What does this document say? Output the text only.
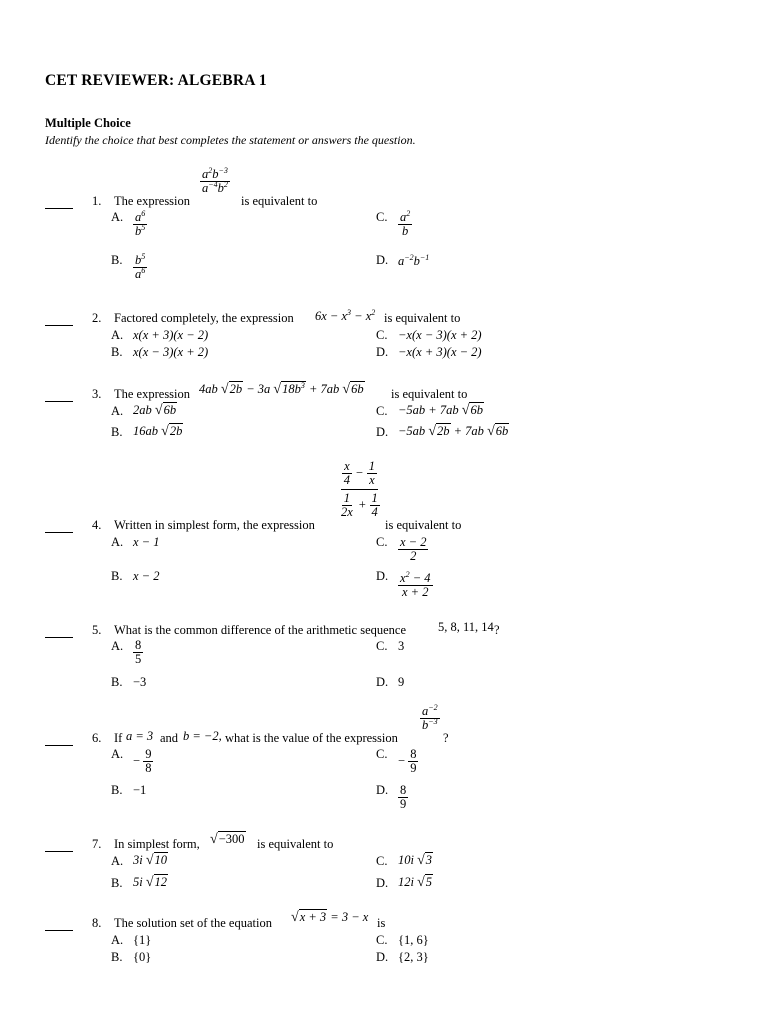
CET REVIEWER: ALGEBRA 1
Multiple Choice
Identify the choice that best completes the statement or answers the question.
1. The expression
$\frac{a^2b^{-3}}{a^{-4}b^2}$
is equivalent to
A. $\frac{a^6}{b^5}$	C. $\frac{a^2}{b}$
B. $\frac{b^5}{a^6}$	D. $a^{-2}b^{-1}$
2. Factored completely, the expression $6x - x^3 - x^2$ is equivalent to
A. x(x + 3)(x − 2)	C. −x(x − 3)(x + 2)
B. x(x − 3)(x + 2)	D. −x(x + 3)(x − 2)
3. The expression 4ab √2b − 3a $√18b^3 + 7ab$ √6b is equivalent to
A. 2ab √6b	C. −5ab + 7ab √6b
B. 16ab √2b	D. −5ab √2b + 7ab √6b
4. Written in simplest form, the expression
$\frac{\frac{x}{4} - \frac{1}{x}}{\frac{1}{2x} + \frac{1}{4}}$
is equivalent to
A. x − 1	C. $\frac{x - 2}{2}$
B. x − 2	D. $\frac{x^2 - 4}{x + 2}$
5. What is the common difference of the arithmetic sequence	5, 8, 11, 14 ?
A. $\frac{8}{5}$	C. 3
B. −3	D. 9
6. If a = 3 and b = −2, what is the value of the expression
$\frac{a^{-2}}{b^{-3}}$
?
A. − $\frac{9}{8}$	C. − $\frac{8}{9}$
B. −1	D. $\frac{8}{9}$
7. In simplest form, √−300 is equivalent to
A. 3i √10	C. 10i √3
B. 5i √12	D. 12i √5
8. The solution set of the equation √x + 3 = 3 − x is
A. {1}	C. {1, 6}
B. {0}	D. {2, 3}
